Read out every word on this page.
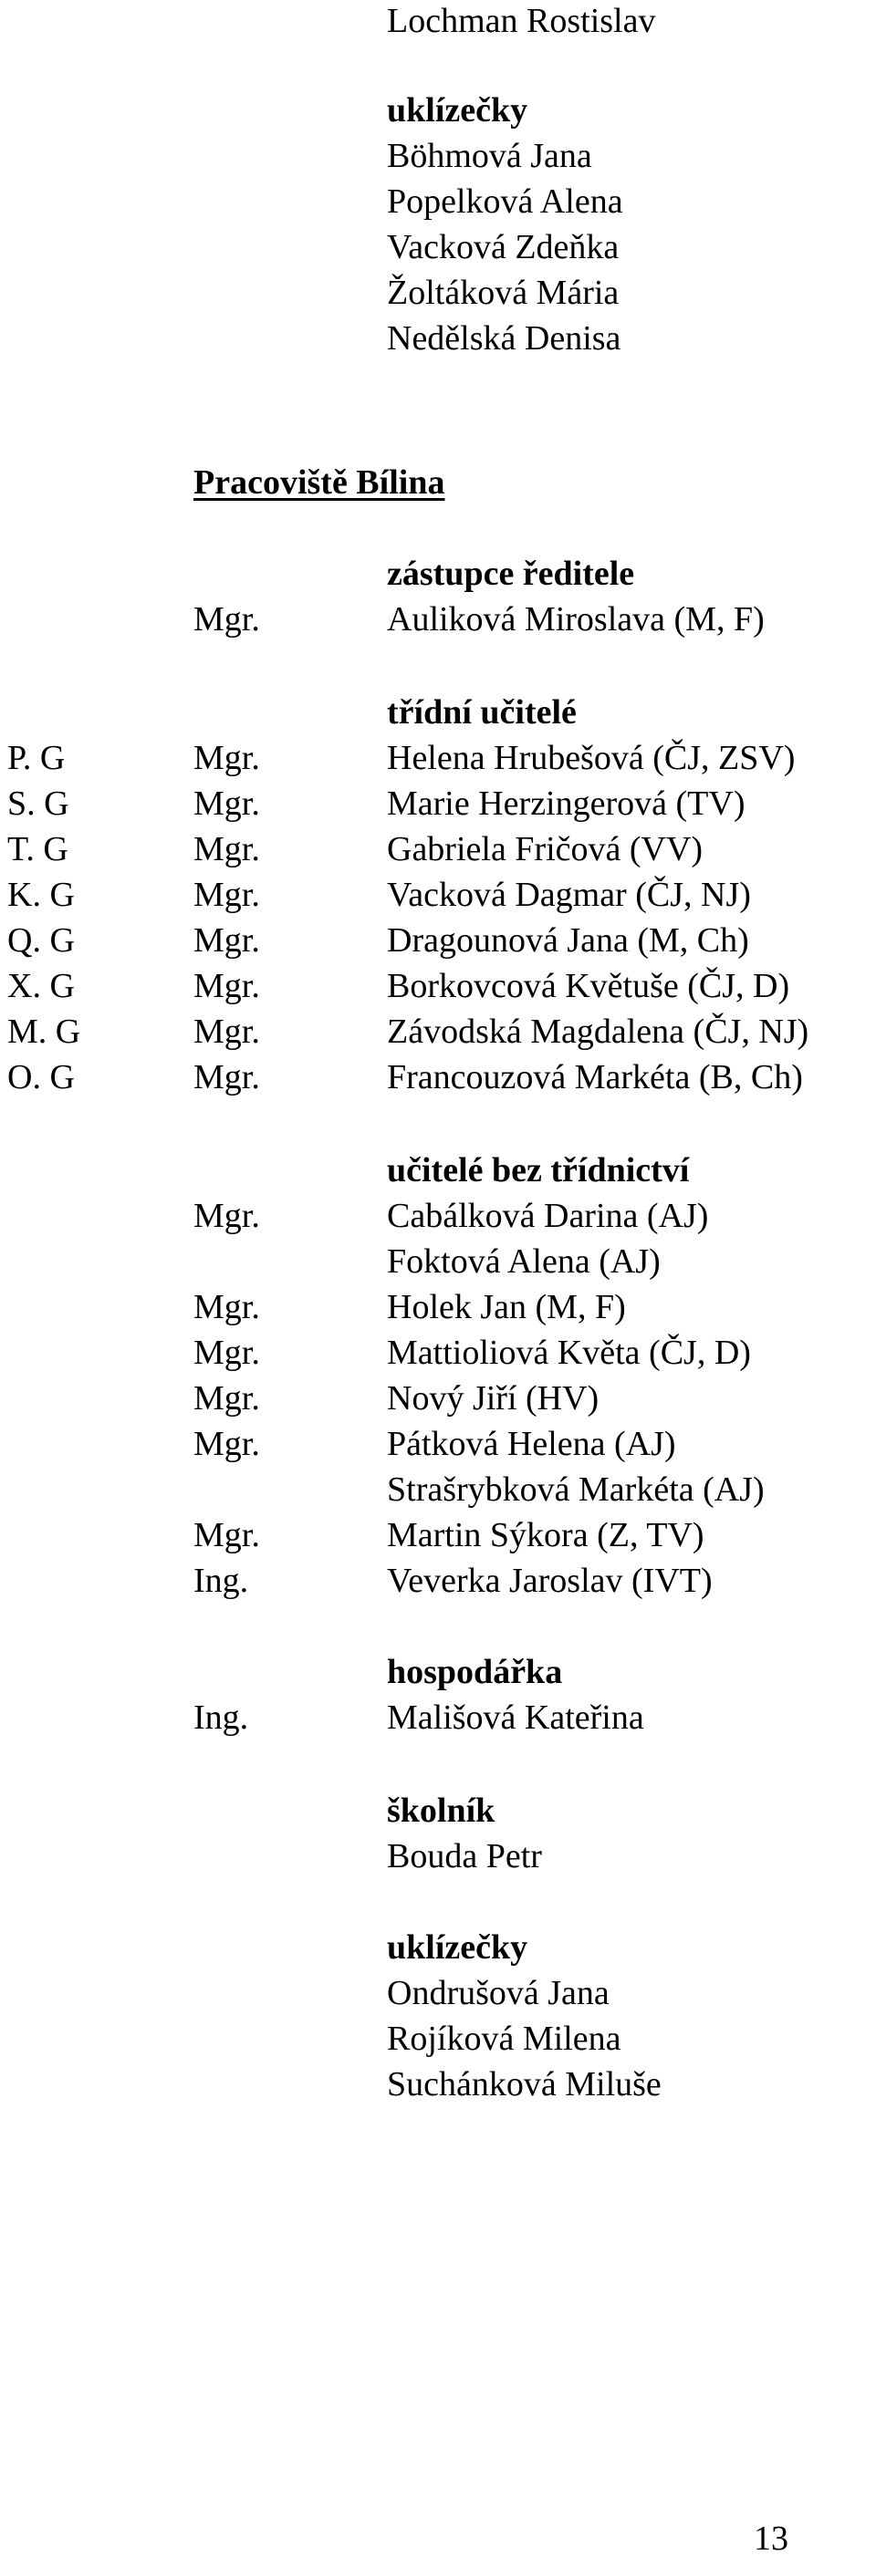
Lochman Rostislav
uklízečky
Böhmová Jana
Popelková Alena
Vacková Zdeňka
Žoltáková Mária
Nedělská Denisa
Pracoviště Bílina
zástupce ředitele
Mgr.	Auliková Miroslava (M, F)
třídní učitelé
P. G	Mgr.	Helena Hrubešová (ČJ, ZSV)
S. G	Mgr.	Marie Herzingerová (TV)
T. G	Mgr.	Gabriela Fričová (VV)
K. G	Mgr.	Vacková Dagmar (ČJ, NJ)
Q. G	Mgr.	Dragounová Jana (M, Ch)
X. G	Mgr.	Borkovcová Květuše (ČJ, D)
M. G	Mgr.	Závodská Magdalena (ČJ, NJ)
O. G	Mgr.	Francouzová Markéta (B, Ch)
učitelé bez třídnictví
Mgr.	Cabálková Darina (AJ)
Foktová Alena (AJ)
Mgr.	Holek Jan (M, F)
Mgr.	Mattioliová Květa (ČJ, D)
Mgr.	Nový Jiří (HV)
Mgr.	Pátková Helena (AJ)
Strašrybková Markéta (AJ)
Mgr.	Martin Sýkora (Z, TV)
Ing.	Veverka Jaroslav (IVT)
hospodářka
Ing.	Mališová Kateřina
školník
Bouda Petr
uklízečky
Ondrušová Jana
Rojíková Milena
Suchánková Miluše
13
